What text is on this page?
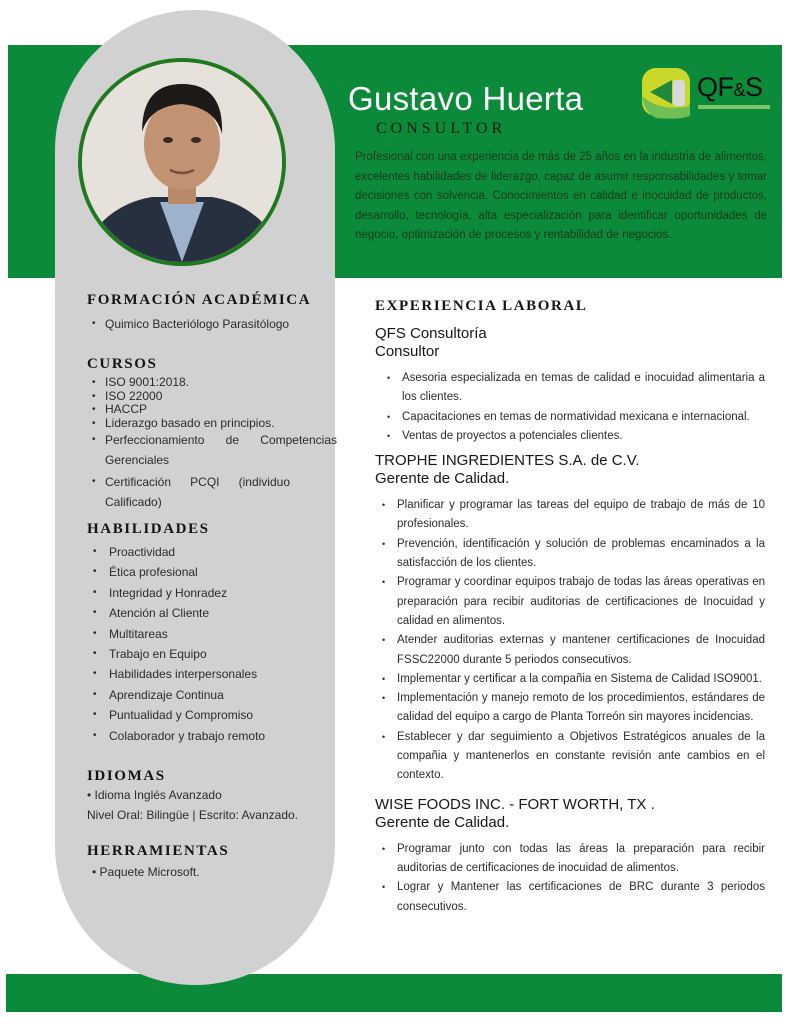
Gustavo Huerta
CONSULTOR
Profesional con una experiencia de más de 25 años en la industria de alimentos, excelentes habilidades de liderazgo, capaz de asumir responsabilidades y tomar decisiones con solvencia. Conocimientos en calidad e inocuidad de productos, desarrollo, tecnología, alta especialización para identificar oportunidades de negocio, optimización de procesos y rentabilidad de negocios.
QF&S
FORMACIÓN ACADÉMICA
• Quimico Bacteriólogo Parasitólogo
CURSOS
• ISO 9001:2018.
• ISO 22000
• HACCP
• Liderazgo basado en principios.
• Perfeccionamiento de Competencias Gerenciales
• Certificación PCQI (individuo Calificado)
HABILIDADES
• Proactividad
• Ética profesional
• Integridad y Honradez
• Atención al Cliente
• Multitareas
• Trabajo en Equipo
• Habilidades interpersonales
• Aprendizaje Continua
• Puntualidad y Compromiso
• Colaborador y trabajo remoto
IDIOMAS
• Idioma Inglés Avanzado
Nivel Oral: Bilingüe | Escrito: Avanzado.
HERRAMIENTAS
• Paquete Microsoft.
EXPERIENCIA LABORAL
QFS Consultoría
Consultor
• Asesoria especializada en temas de calidad e inocuidad alimentaria a los clientes.
• Capacitaciones en temas de normatividad mexicana e internacional.
• Ventas de proyectos a potenciales clientes.
TROPHE INGREDIENTES S.A. de C.V.
Gerente de Calidad.
• Planificar y programar las tareas del equipo de trabajo de más de 10 profesionales.
• Prevención, identificación y solución de problemas encaminados a la satisfacción de los clientes.
• Programar y coordinar equipos trabajo de todas las áreas operativas en preparación para recibir auditorias de certificaciones de Inocuidad y calidad en alimentos.
• Atender auditorias externas y mantener certificaciones de Inocuidad FSSC22000 durante 5 periodos consecutivos.
• Implementar y certificar a la compañia en Sistema de Calidad ISO9001.
• Implementación y manejo remoto de los procedimientos, estándares de calidad del equipo a cargo de Planta Torreón sin mayores incidencias.
• Establecer y dar seguimiento a Objetivos Estratégicos anuales de la compañia y mantenerlos en constante revisión ante cambios en el contexto.
WISE FOODS INC. - FORT WORTH, TX .
Gerente de Calidad.
• Programar junto con todas las áreas la preparación para recibir auditorias de certificaciones de inocuidad de alimentos.
• Lograr y Mantener las certificaciones de BRC durante 3 periodos consecutivos.
